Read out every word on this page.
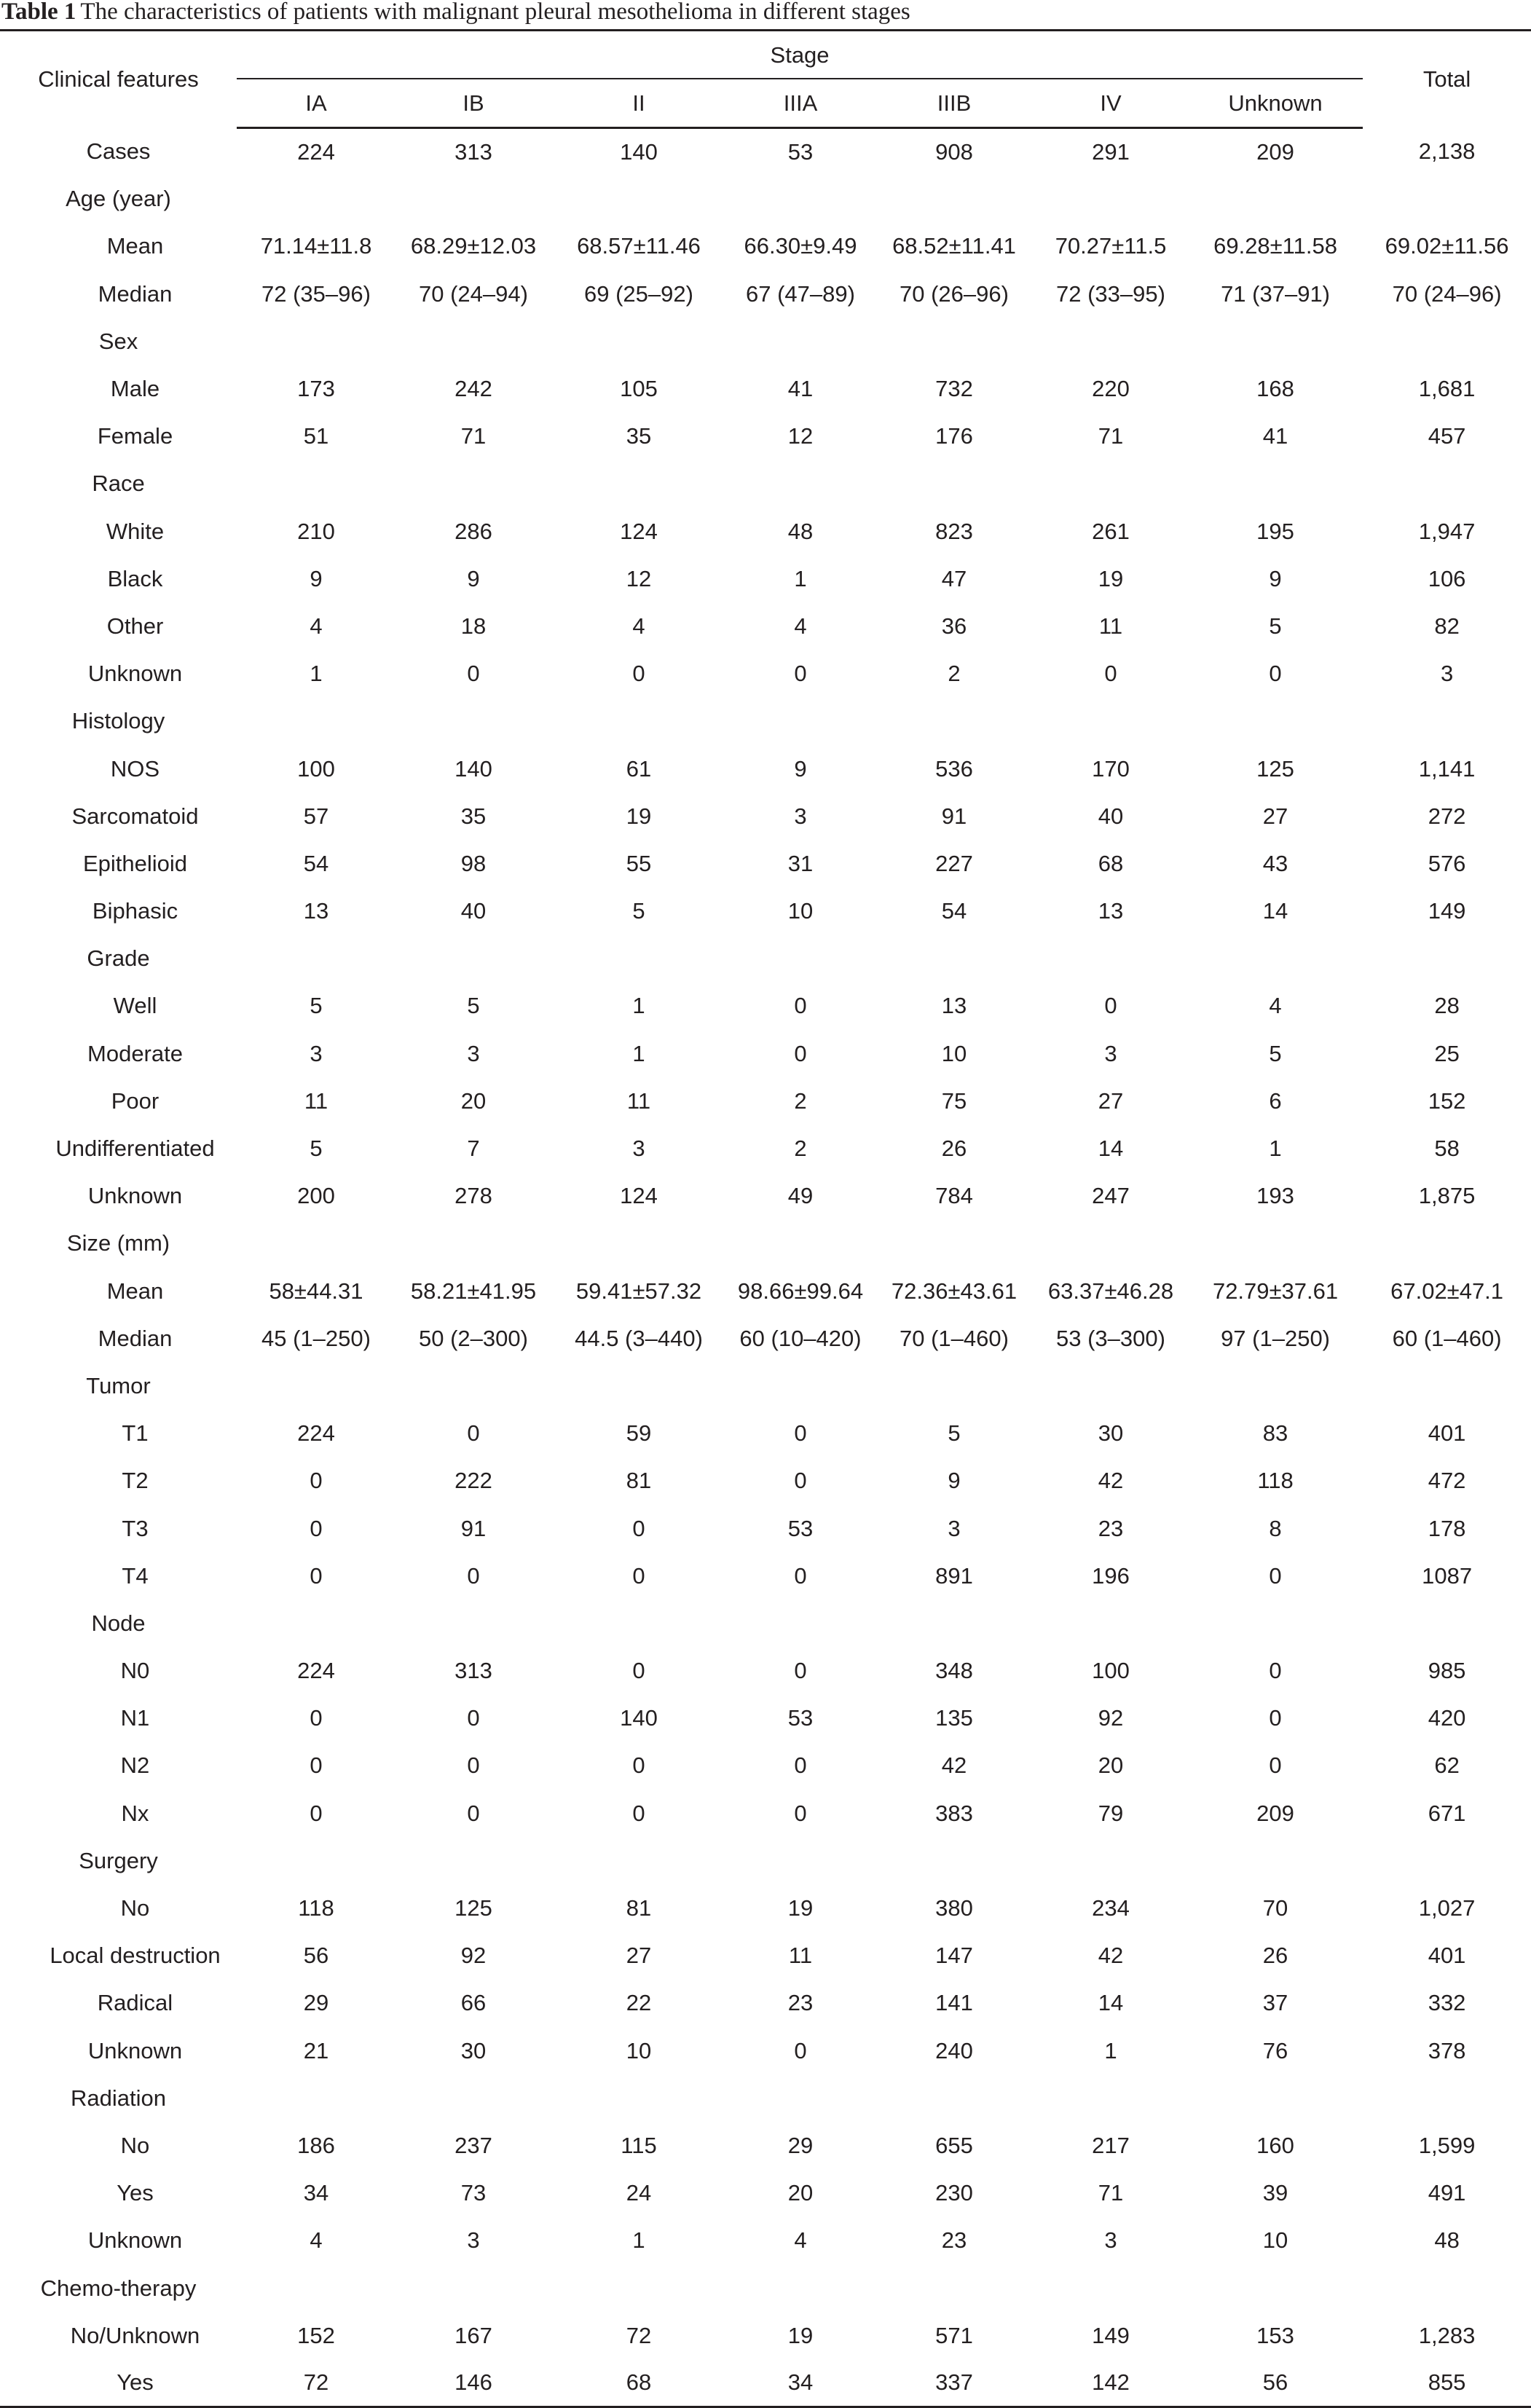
Table 1 The characteristics of patients with malignant pleural mesothelioma in different stages
Clinical features	Stage							Total
	IA	IB	II	IIIA	IIIB	IV	Unknown	
Cases	224	313	140	53	908	291	209	2,138
Age (year)								
Mean	71.14±11.8	68.29±12.03	68.57±11.46	66.30±9.49	68.52±11.41	70.27±11.5	69.28±11.58	69.02±11.56
Median	72 (35–96)	70 (24–94)	69 (25–92)	67 (47–89)	70 (26–96)	72 (33–95)	71 (37–91)	70 (24–96)
Sex								
Male	173	242	105	41	732	220	168	1,681
Female	51	71	35	12	176	71	41	457
Race								
White	210	286	124	48	823	261	195	1,947
Black	9	9	12	1	47	19	9	106
Other	4	18	4	4	36	11	5	82
Unknown	1	0	0	0	2	0	0	3
Histology								
NOS	100	140	61	9	536	170	125	1,141
Sarcomatoid	57	35	19	3	91	40	27	272
Epithelioid	54	98	55	31	227	68	43	576
Biphasic	13	40	5	10	54	13	14	149
Grade								
Well	5	5	1	0	13	0	4	28
Moderate	3	3	1	0	10	3	5	25
Poor	11	20	11	2	75	27	6	152
Undifferentiated	5	7	3	2	26	14	1	58
Unknown	200	278	124	49	784	247	193	1,875
Size (mm)								
Mean	58±44.31	58.21±41.95	59.41±57.32	98.66±99.64	72.36±43.61	63.37±46.28	72.79±37.61	67.02±47.1
Median	45 (1–250)	50 (2–300)	44.5 (3–440)	60 (10–420)	70 (1–460)	53 (3–300)	97 (1–250)	60 (1–460)
Tumor								
T1	224	0	59	0	5	30	83	401
T2	0	222	81	0	9	42	118	472
T3	0	91	0	53	3	23	8	178
T4	0	0	0	0	891	196	0	1087
Node								
N0	224	313	0	0	348	100	0	985
N1	0	0	140	53	135	92	0	420
N2	0	0	0	0	42	20	0	62
Nx	0	0	0	0	383	79	209	671
Surgery								
No	118	125	81	19	380	234	70	1,027
Local destruction	56	92	27	11	147	42	26	401
Radical	29	66	22	23	141	14	37	332
Unknown	21	30	10	0	240	1	76	378
Radiation								
No	186	237	115	29	655	217	160	1,599
Yes	34	73	24	20	230	71	39	491
Unknown	4	3	1	4	23	3	10	48
Chemo-therapy								
No/Unknown	152	167	72	19	571	149	153	1,283
Yes	72	146	68	34	337	142	56	855
